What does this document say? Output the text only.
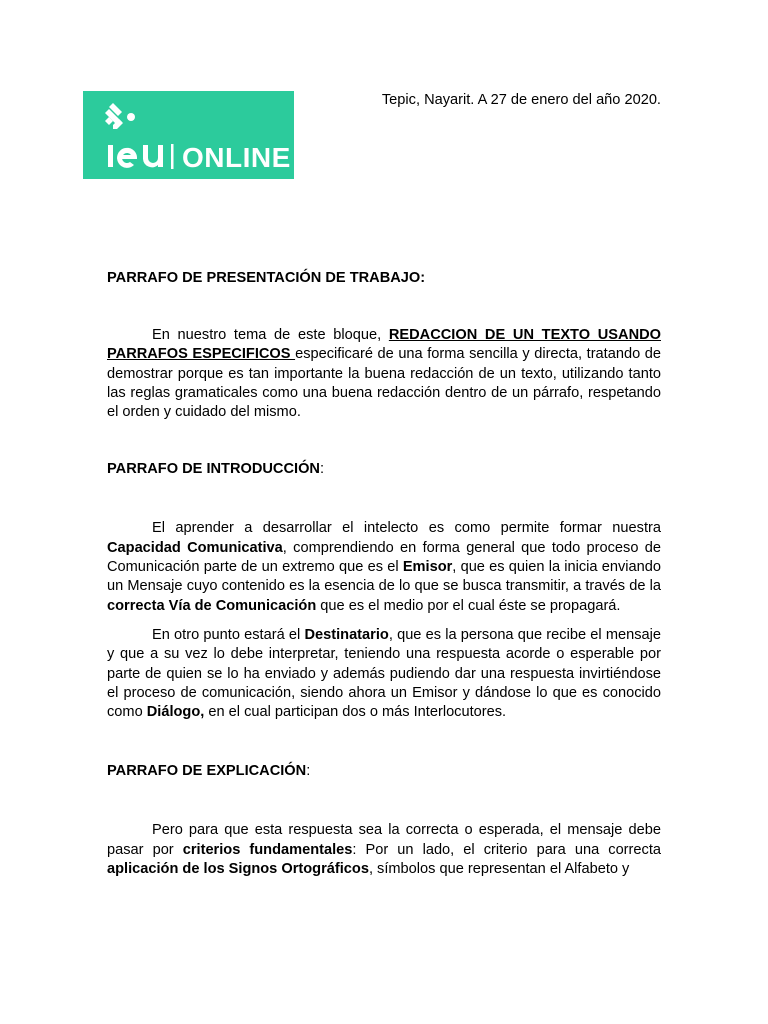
ONLINE
Tepic, Nayarit. A 27 de enero del año 2020.

PARRAFO DE PRESENTACIÓN DE TRABAJO:

En nuestro tema de este bloque, REDACCION DE UN TEXTO USANDO PARRAFOS ESPECIFICOS especificaré de una forma sencilla y directa, tratando de demostrar porque es tan importante la buena redacción de un texto, utilizando tanto las reglas gramaticales como una buena redacción dentro de un párrafo, respetando el orden y cuidado del mismo.

PARRAFO DE INTRODUCCIÓN:

El aprender a desarrollar el intelecto es como permite formar nuestra Capacidad Comunicativa, comprendiendo en forma general que todo proceso de Comunicación parte de un extremo que es el Emisor, que es quien la inicia enviando un Mensaje cuyo contenido es la esencia de lo que se busca transmitir, a través de la correcta Vía de Comunicación que es el medio por el cual éste se propagará.

En otro punto estará el Destinatario, que es la persona que recibe el mensaje y que a su vez lo debe interpretar, teniendo una respuesta acorde o esperable por parte de quien se lo ha enviado y además pudiendo dar una respuesta invirtiéndose el proceso de comunicación, siendo ahora un Emisor y dándose lo que es conocido como Diálogo, en el cual participan dos o más Interlocutores.

PARRAFO DE EXPLICACIÓN:

Pero para que esta respuesta sea la correcta o esperada, el mensaje debe pasar por criterios fundamentales: Por un lado, el criterio para una correcta aplicación de los Signos Ortográficos, símbolos que representan el Alfabeto y
